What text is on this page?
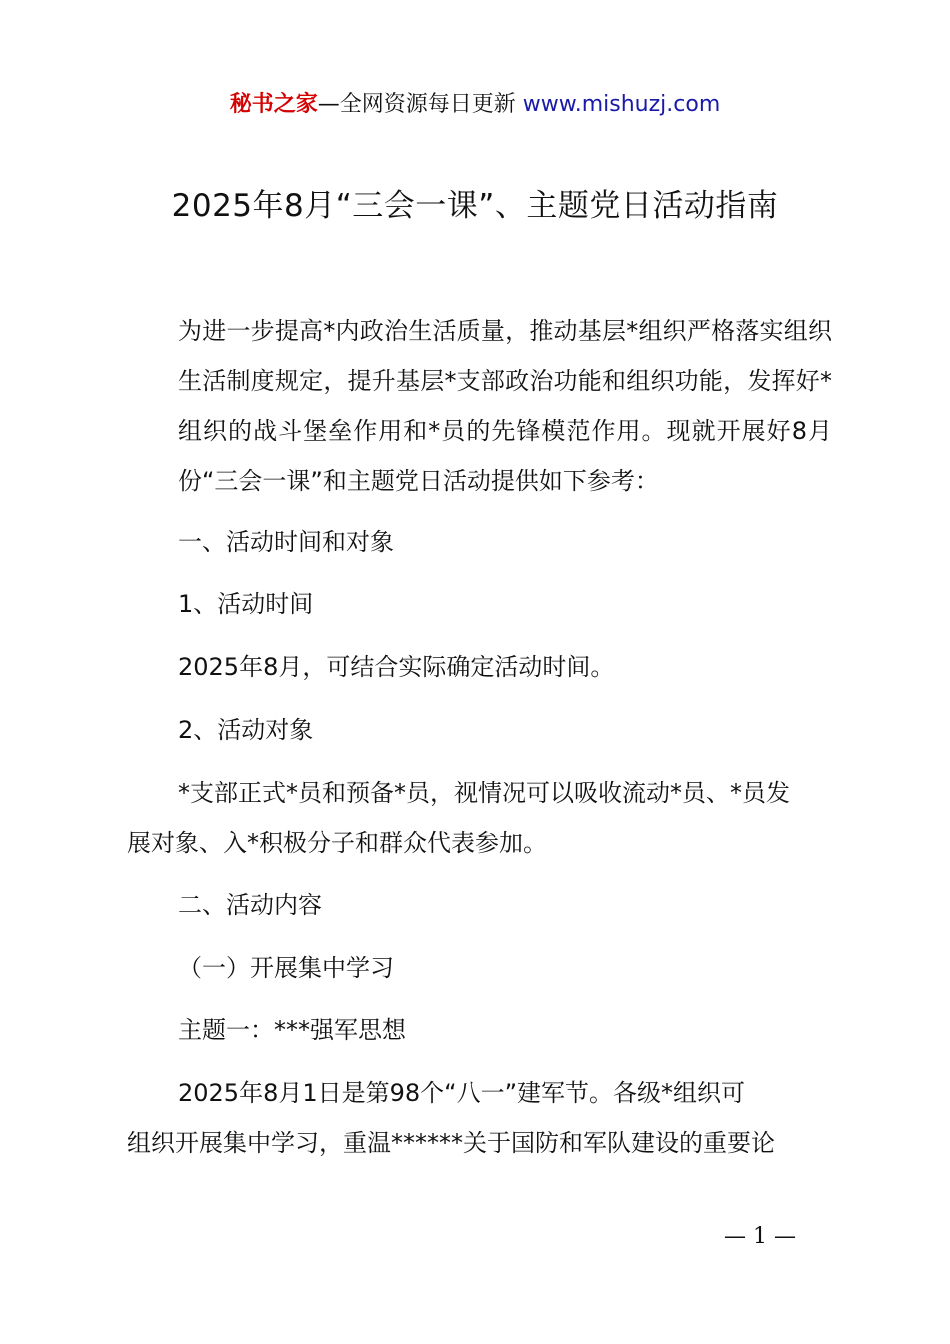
秘书之家—全网资源每日更新 www.mishuzj.com
2025年8月“三会一课”、主题党日活动指南

为进一步提高*内政治生活质量，推动基层*组织严格落实组织生活制度规定，提升基层*支部政治功能和组织功能，发挥好*组织的战斗堡垒作用和*员的先锋模范作用。现就开展好8月份“三会一课”和主题党日活动提供如下参考：

一、活动时间和对象

1、活动时间

2025年8月，可结合实际确定活动时间。

2、活动对象

*支部正式*员和预备*员，视情况可以吸收流动*员、*员发

展对象、入*积极分子和群众代表参加。

二、活动内容

（一）开展集中学习

主题一：***强军思想

2025年8月1日是第98个“八一”建军节。各级*组织可

组织开展集中学习，重温******关于国防和军队建设的重要论

— 1 —
